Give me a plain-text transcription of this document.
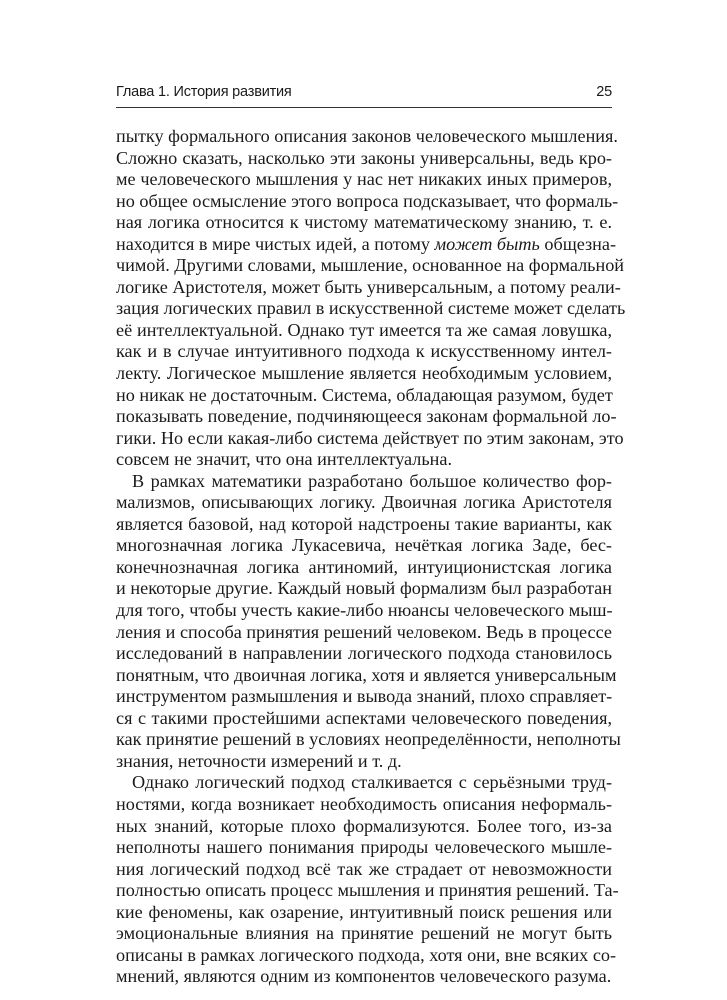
Глава 1. История развития	25
пытку формального описания законов человеческого мышления.
Сложно сказать, насколько эти законы универсальны, ведь кро-
ме человеческого мышления у нас нет никаких иных примеров,
но общее осмысление этого вопроса подсказывает, что формаль-
ная логика относится к чистому математическому знанию, т. е.
находится в мире чистых идей, а потому может быть общезна-
чимой. Другими словами, мышление, основанное на формальной
логике Аристотеля, может быть универсальным, а потому реали-
зация логических правил в искусственной системе может сделать
её интеллектуальной. Однако тут имеется та же самая ловушка,
как и в случае интуитивного подхода к искусственному интел-
лекту. Логическое мышление является необходимым условием,
но никак не достаточным. Система, обладающая разумом, будет
показывать поведение, подчиняющееся законам формальной ло-
гики. Но если какая-либо система действует по этим законам, это
совсем не значит, что она интеллектуальна.
В рамках математики разработано большое количество фор-
мализмов, описывающих логику. Двоичная логика Аристотеля
является базовой, над которой надстроены такие варианты, как
многозначная логика Лукасевича, нечёткая логика Заде, бес-
конечнозначная логика антиномий, интуиционистская логика
и некоторые другие. Каждый новый формализм был разработан
для того, чтобы учесть какие-либо нюансы человеческого мыш-
ления и способа принятия решений человеком. Ведь в процессе
исследований в направлении логического подхода становилось
понятным, что двоичная логика, хотя и является универсальным
инструментом размышления и вывода знаний, плохо справляет-
ся с такими простейшими аспектами человеческого поведения,
как принятие решений в условиях неопределённости, неполноты
знания, неточности измерений и т. д.
Однако логический подход сталкивается с серьёзными труд-
ностями, когда возникает необходимость описания неформаль-
ных знаний, которые плохо формализуются. Более того, из-за
неполноты нашего понимания природы человеческого мышле-
ния логический подход всё так же страдает от невозможности
полностью описать процесс мышления и принятия решений. Та-
кие феномены, как озарение, интуитивный поиск решения или
эмоциональные влияния на принятие решений не могут быть
описаны в рамках логического подхода, хотя они, вне всяких со-
мнений, являются одним из компонентов человеческого разума.
